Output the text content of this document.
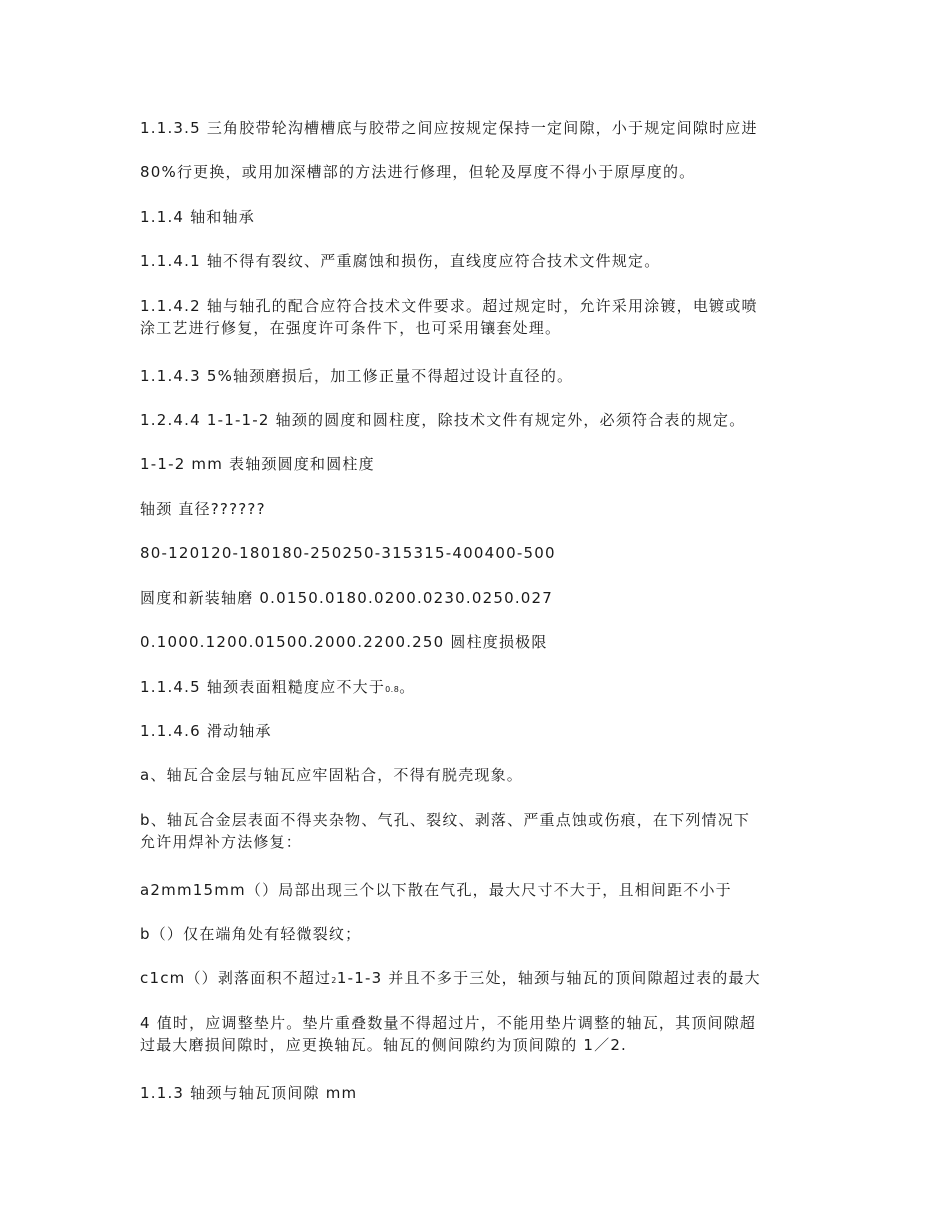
1.1.3.5 三角胶带轮沟槽槽底与胶带之间应按规定保持一定间隙，小于规定间隙时应进

80%行更换，或用加深槽部的方法进行修理，但轮及厚度不得小于原厚度的。

1.1.4 轴和轴承

1.1.4.1 轴不得有裂纹、严重腐蚀和损伤，直线度应符合技术文件规定。

1.1.4.2 轴与轴孔的配合应符合技术文件要求。超过规定时，允许采用涂镀，电镀或喷
涂工艺进行修复，在强度许可条件下，也可采用镶套处理。

1.1.4.3 5%轴颈磨损后，加工修正量不得超过设计直径的。

1.2.4.4 1-1-1-2 轴颈的圆度和圆柱度，除技术文件有规定外，必须符合表的规定。

1-1-2 mm 表轴颈圆度和圆柱度

轴颈 直径??????

80-120120-180180-250250-315315-400400-500

圆度和新装轴磨 0.0150.0180.0200.0230.0250.027

0.1000.1200.01500.2000.2200.250 圆柱度损极限

1.1.4.5 轴颈表面粗糙度应不大于0.8。

1.1.4.6 滑动轴承

a、轴瓦合金层与轴瓦应牢固粘合，不得有脱壳现象。

b、轴瓦合金层表面不得夹杂物、气孔、裂纹、剥落、严重点蚀或伤痕，在下列情况下
允许用焊补方法修复：

a2mm15mm（）局部出现三个以下散在气孔，最大尺寸不大于，且相间距不小于

b（）仅在端角处有轻微裂纹；

c1cm（）剥落面积不超过21-1-3 并且不多于三处，轴颈与轴瓦的顶间隙超过表的最大

4 值时，应调整垫片。垫片重叠数量不得超过片，不能用垫片调整的轴瓦，其顶间隙超
过最大磨损间隙时，应更换轴瓦。轴瓦的侧间隙约为顶间隙的 1／2.

1.1.3 轴颈与轴瓦顶间隙 mm
